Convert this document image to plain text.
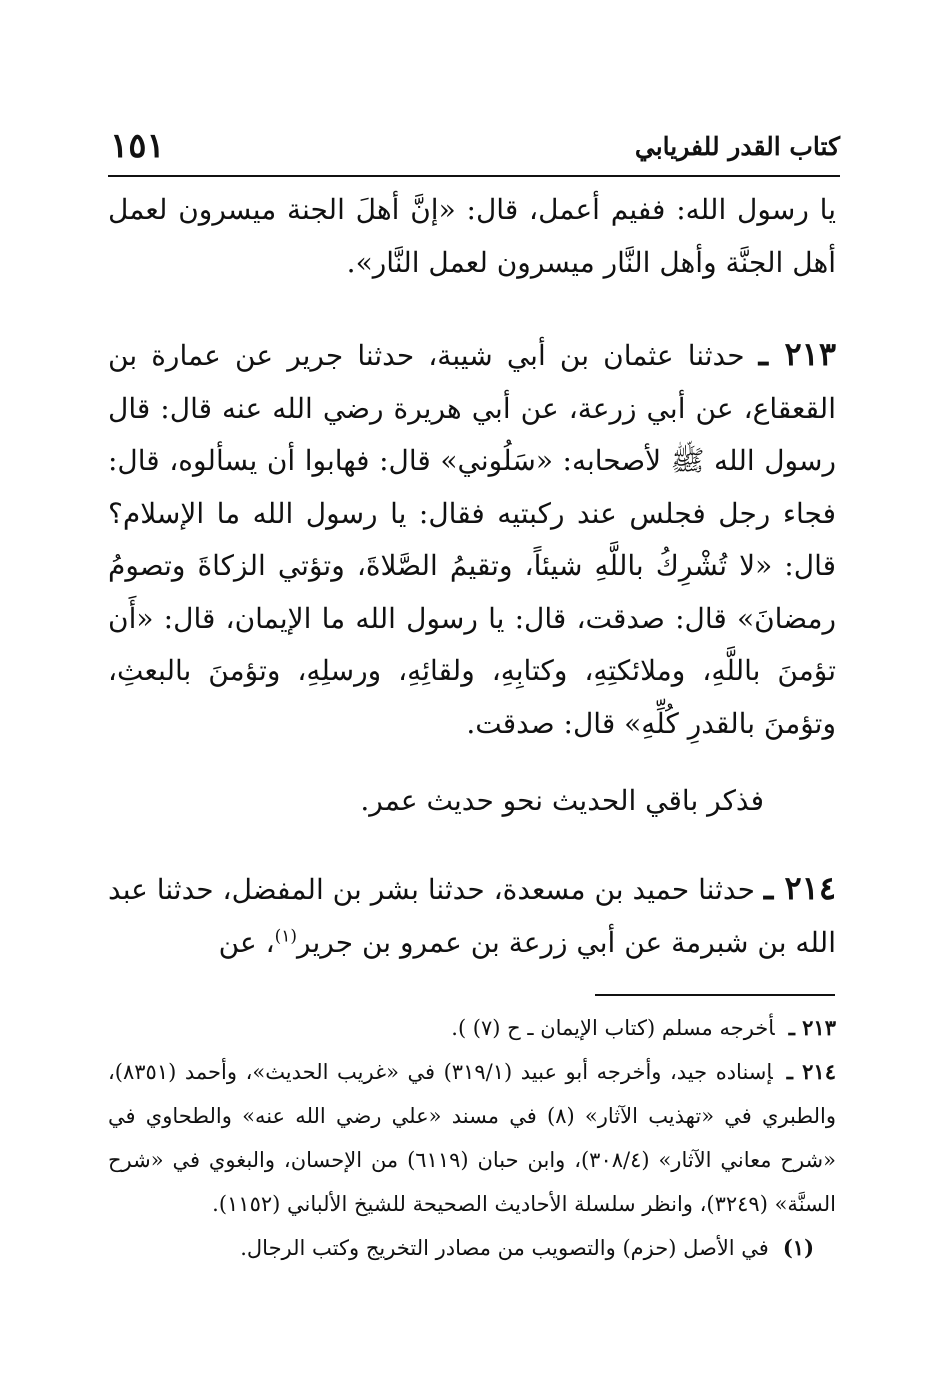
كتاب القدر للفريابي
١٥١

يا رسول الله: ففيم أعمل، قال: «إنَّ أهلَ الجنة ميسرون لعمل أهل الجنَّة وأهل النَّار ميسرون لعمل النَّار».

٢١٣ ـ حدثنا عثمان بن أبي شيبة، حدثنا جرير عن عمارة بن القعقاع، عن أبي زرعة، عن أبي هريرة رضي الله عنه قال: قال رسول الله ﷺ لأصحابه: «سَلُوني» قال: فهابوا أن يسألوه، قال: فجاء رجل فجلس عند ركبتيه فقال: يا رسول الله ما الإسلام؟ قال: «لا تُشْرِكُ باللَّهِ شيئاً، وتقيمُ الصَّلاةَ، وتؤتي الزكاةَ وتصومُ رمضانَ» قال: صدقت، قال: يا رسول الله ما الإيمان، قال: «أَن تؤمنَ باللَّهِ، وملائكتِهِ، وكتابِهِ، ولقائِهِ، ورسلِهِ، وتؤمنَ بالبعثِ، وتؤمنَ بالقدرِ كُلِّهِ» قال: صدقت.

فذكر باقي الحديث نحو حديث عمر.

٢١٤ ـ حدثنا حميد بن مسعدة، حدثنا بشر بن المفضل، حدثنا عبد الله بن شبرمة عن أبي زرعة بن عمرو بن جرير$^{(١)}$، عن

٢١٣ ـأخرجه مسلم (كتاب الإيمان ـ ح (٧) ).
٢١٤ ـإسناده جيد، وأخرجه أبو عبيد (٣١٩/١) في «غريب الحديث»، وأحمد (٨٣٥١)، والطبري في «تهذيب الآثار» (٨) في مسند «علي رضي الله عنه» والطحاوي في «شرح معاني الآثار» (٣٠٨/٤)، وابن حبان (٦١١٩) من الإحسان، والبغوي في «شرح السنَّة» (٣٢٤٩)، وانظر سلسلة الأحاديث الصحيحة للشيخ الألباني (١١٥٢).
(١)في الأصل (حزم) والتصويب من مصادر التخريج وكتب الرجال.
